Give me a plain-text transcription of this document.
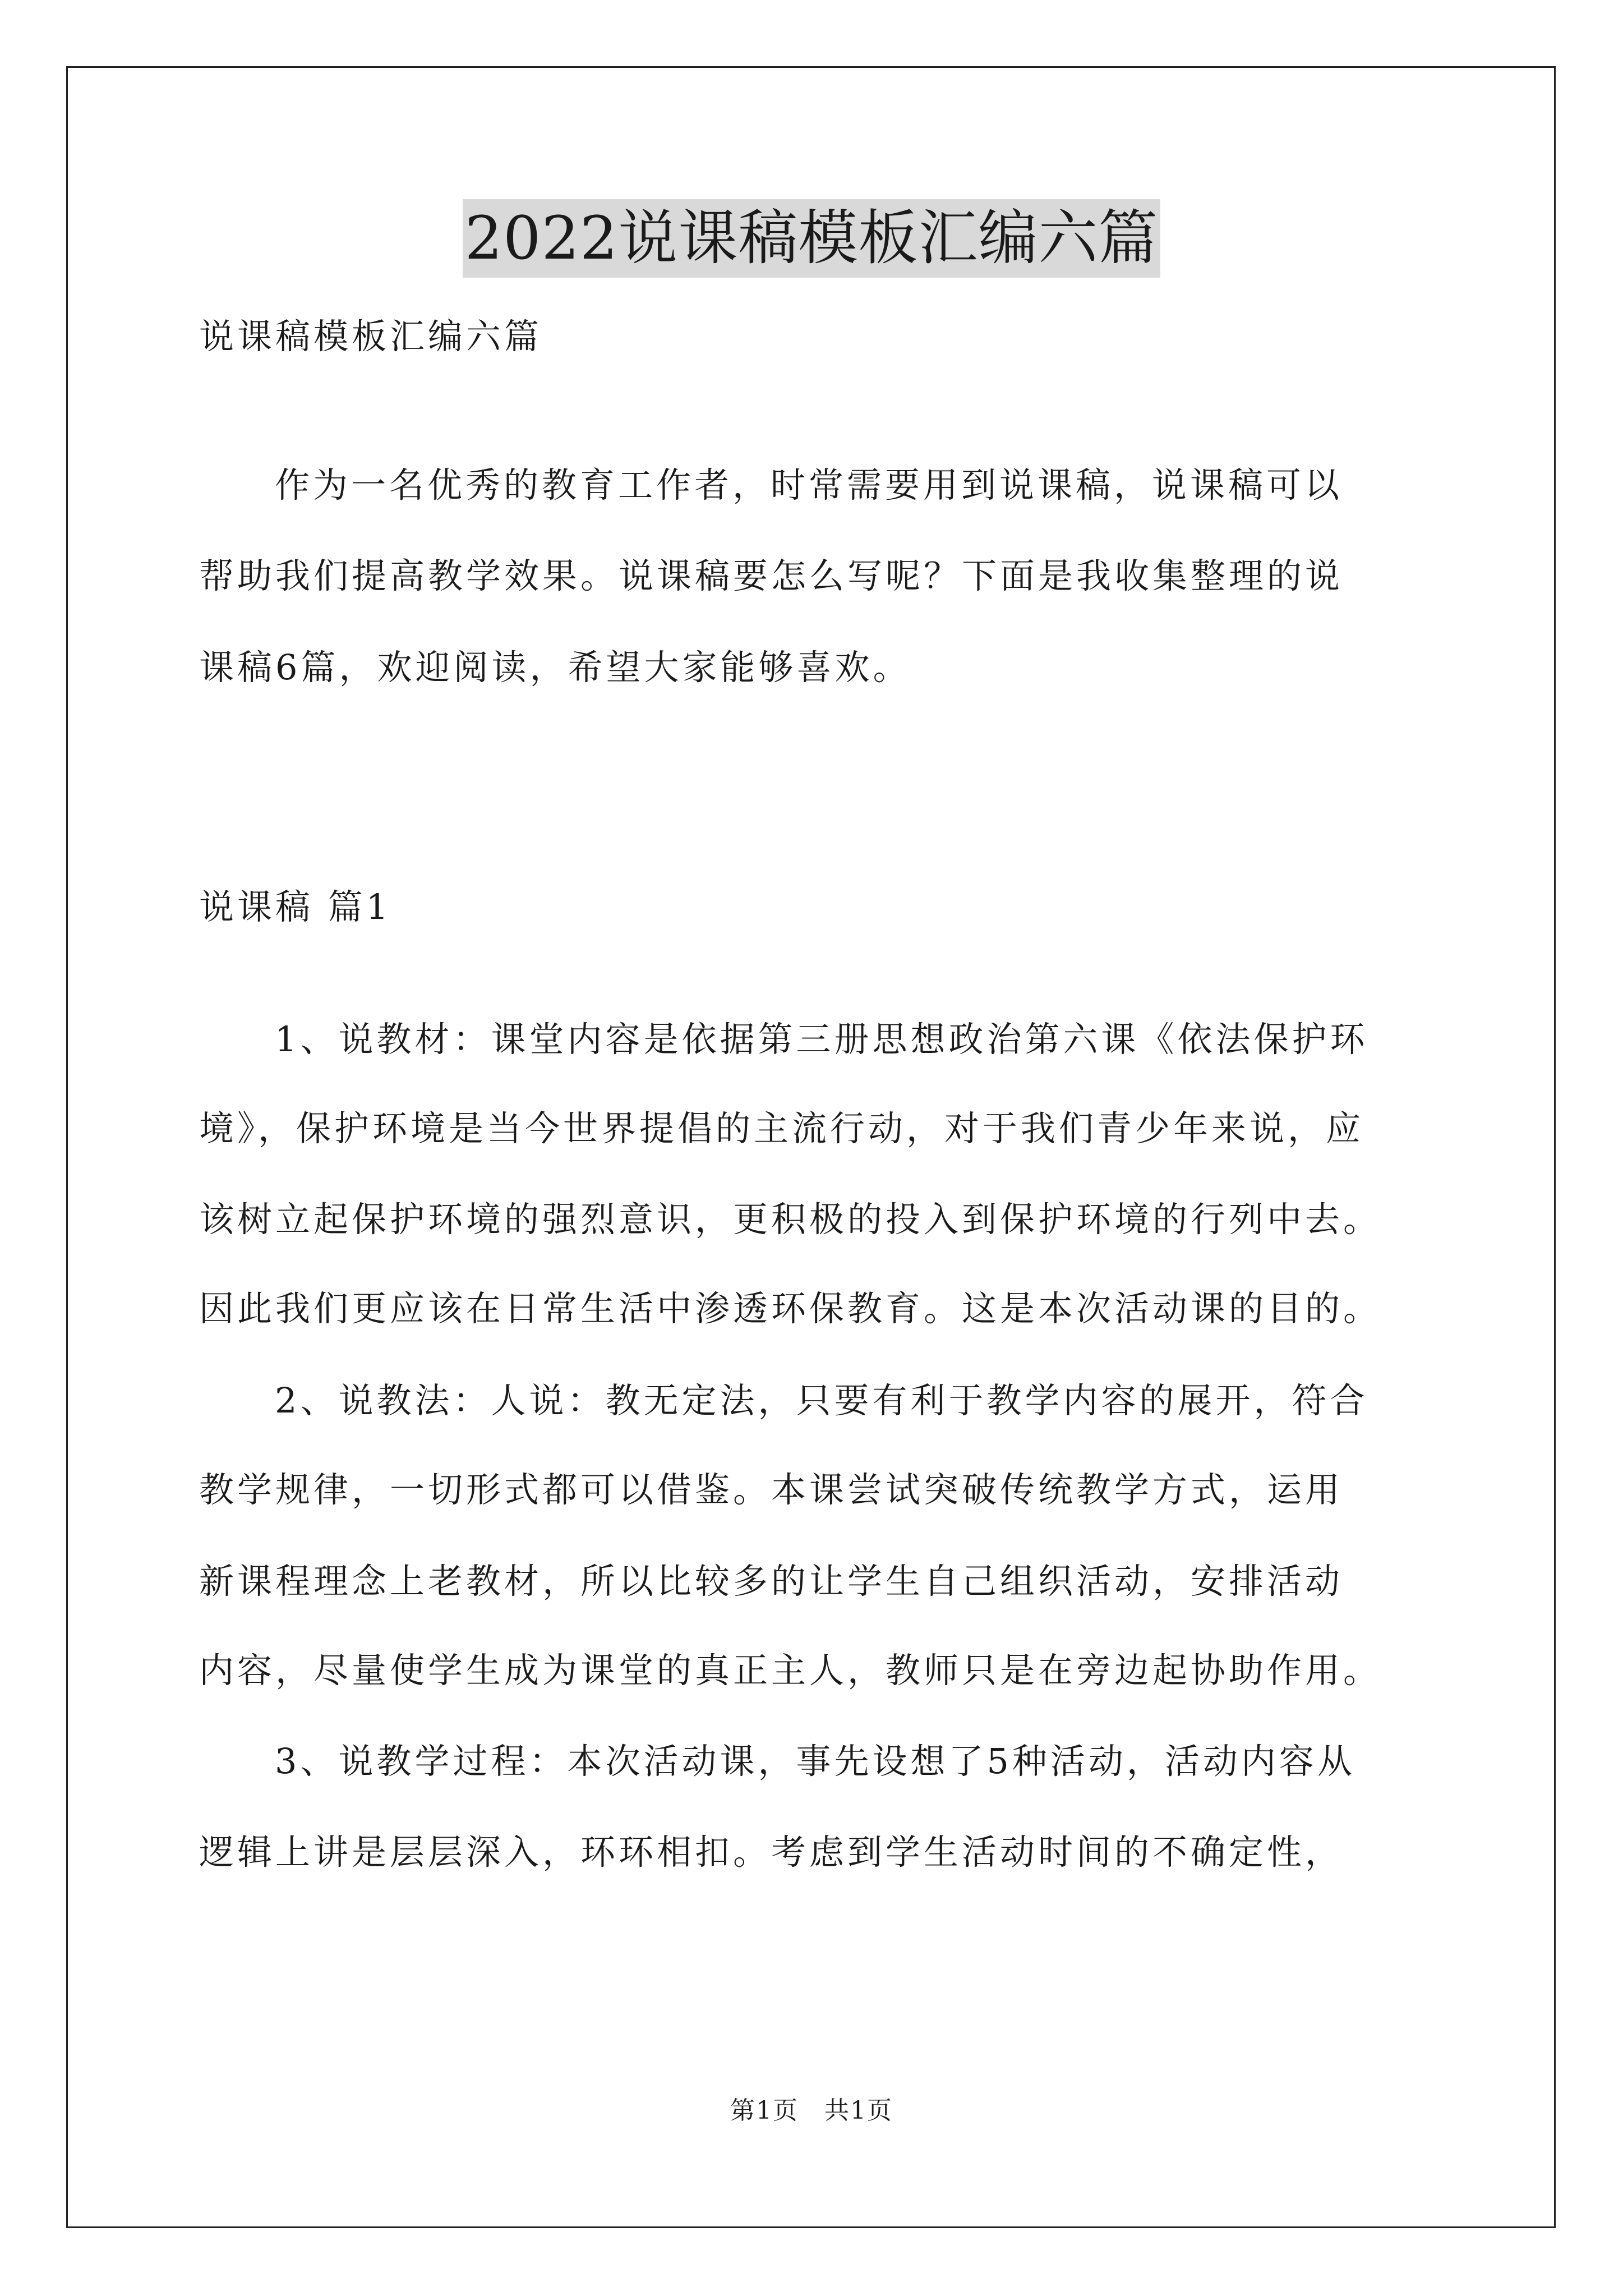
2022说课稿模板汇编六篇
说课稿模板汇编六篇
作为一名优秀的教育工作者，时常需要用到说课稿，说课稿可以
帮助我们提高教学效果。说课稿要怎么写呢？下面是我收集整理的说
课稿6篇，欢迎阅读，希望大家能够喜欢。
说课稿 篇1
1、说教材：课堂内容是依据第三册思想政治第六课《依法保护环
境》，保护环境是当今世界提倡的主流行动，对于我们青少年来说，应
该树立起保护环境的强烈意识，更积极的投入到保护环境的行列中去。
因此我们更应该在日常生活中渗透环保教育。这是本次活动课的目的。
2、说教法：人说：教无定法，只要有利于教学内容的展开，符合
教学规律，一切形式都可以借鉴。本课尝试突破传统教学方式，运用
新课程理念上老教材，所以比较多的让学生自己组织活动，安排活动
内容，尽量使学生成为课堂的真正主人，教师只是在旁边起协助作用。
3、说教学过程：本次活动课，事先设想了5种活动，活动内容从
逻辑上讲是层层深入，环环相扣。考虑到学生活动时间的不确定性，
第1页　共1页
